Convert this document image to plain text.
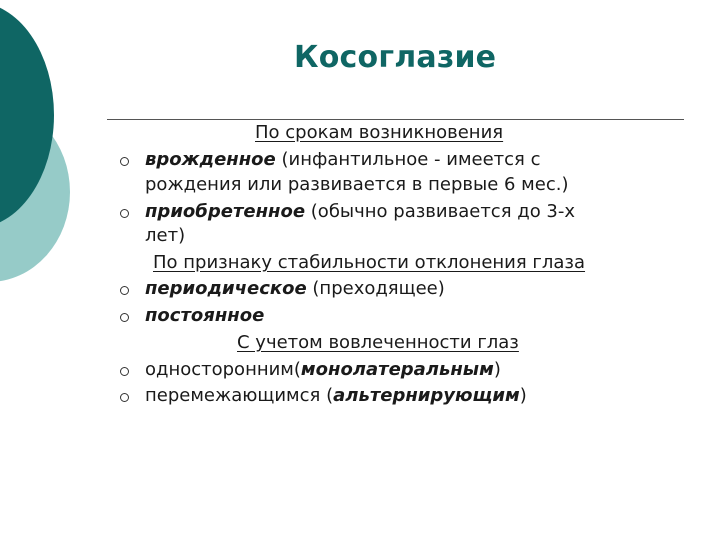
Косоглазие
По срокам возникновения
врожденное (инфантильное - имеется с
рождения или развивается в первые 6 мес.)
приобретенное (обычно развивается до 3-х
лет)
По признаку стабильности отклонения глаза
периодическое (преходящее)
постоянное
С учетом вовлеченности глаз
односторонним(монолатеральным)
перемежающимся (альтернирующим)
